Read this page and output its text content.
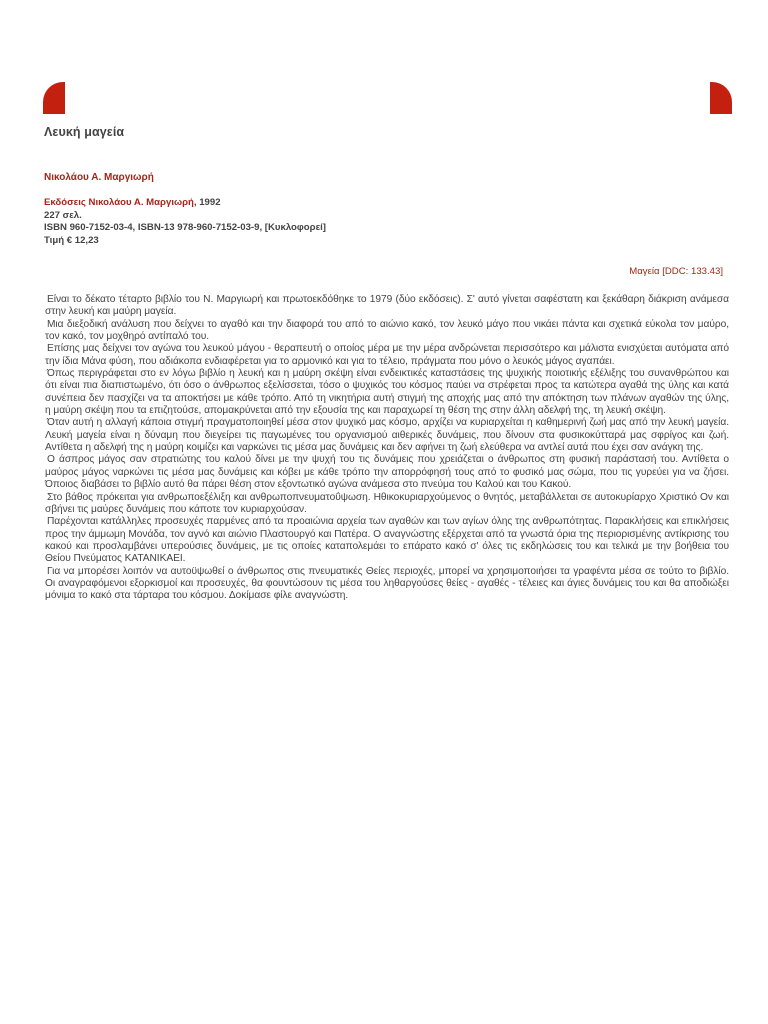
Λευκή μαγεία
Νικολάου Α. Μαργιωρή
Εκδόσεις Νικολάου Α. Μαργιωρή, 1992
227 σελ.
ISBN 960-7152-03-4, ISBN-13 978-960-7152-03-9, [Κυκλοφορεί]
Τιμή € 12,23
Μαγεία [DDC: 133.43]

Είναι το δέκατο τέταρτο βιβλίο του Ν. Μαργιωρή και πρωτοεκδόθηκε το 1979 (δύο εκδόσεις). Σ' αυτό γίνεται σαφέστατη και ξεκάθαρη διάκριση ανάμεσα στην λευκή και μαύρη μαγεία.

Μια διεξοδική ανάλυση που δείχνει το αγαθό και την διαφορά του από το αιώνιο κακό, τον λευκό μάγο που νικάει πάντα και σχετικά εύκολα τον μαύρο, τον κακό, τον μοχθηρό αντίπαλό του.

Επίσης μας δείχνει τον αγώνα του λευκού μάγου - θεραπευτή ο οποίος μέρα με την μέρα ανδρώνεται περισσότερο και μάλιστα ενισχύεται αυτόματα από την ίδια Μάνα φύση, που αδιάκοπα ενδιαφέρεται για το αρμονικό και για το τέλειο, πράγματα που μόνο ο λευκός μάγος αγαπάει.

Όπως περιγράφεται στο εν λόγω βιβλίο η λευκή και η μαύρη σκέψη είναι ενδεικτικές καταστάσεις της ψυχικής ποιοτικής εξέλιξης του συνανθρώπου και ότι είναι πια διαπιστωμένο, ότι όσο ο άνθρωπος εξελίσσεται, τόσο ο ψυχικός του κόσμος παύει να στρέφεται προς τα κατώτερα αγαθά της ύλης και κατά συνέπεια δεν πασχίζει να τα αποκτήσει με κάθε τρόπο. Από τη νικητήρια αυτή στιγμή της αποχής μας από την απόκτηση των πλάνων αγαθών της ύλης, η μαύρη σκέψη που τα επιζητούσε, απομακρύνεται από την εξουσία της και παραχωρεί τη θέση της στην άλλη αδελφή της, τη λευκή σκέψη.

Όταν αυτή η αλλαγή κάποια στιγμή πραγματοποιηθεί μέσα στον ψυχικό μας κόσμο, αρχίζει να κυριαρχείται η καθημερινή ζωή μας από την λευκή μαγεία. Λευκή μαγεία είναι η δύναμη που διεγείρει τις παγωμένες του οργανισμού αιθερικές δυνάμεις, που δίνουν στα φυσικοκύτταρά μας σφρίγος και ζωή. Αντίθετα η αδελφή της η μαύρη κοιμίζει και ναρκώνει τις μέσα μας δυνάμεις και δεν αφήνει τη ζωή ελεύθερα να αντλεί αυτά που έχει σαν ανάγκη της.

Ο άσπρος μάγος σαν στρατιώτης του καλού δίνει με την ψυχή του τις δυνάμεις που χρειάζεται ο άνθρωπος στη φυσική παράστασή του. Αντίθετα ο μαύρος μάγος ναρκώνει τις μέσα μας δυνάμεις και κόβει με κάθε τρόπο την απορρόφησή τους από το φυσικό μας σώμα, που τις γυρεύει για να ζήσει. Όποιος διαβάσει το βιβλίο αυτό θα πάρει θέση στον εξοντωτικό αγώνα ανάμεσα στο πνεύμα του Καλού και του Κακού.

Στο βάθος πρόκειται για ανθρωποεξέλιξη και ανθρωποπνευματοΰψωση. Ηθικοκυριαρχούμενος ο θνητός, μεταβάλλεται σε αυτοκυρίαρχο Χριστικό Ον και σβήνει τις μαύρες δυνάμεις που κάποτε τον κυριαρχούσαν.

Παρέχονται κατάλληλες προσευχές παρμένες από τα προαιώνια αρχεία των αγαθών και των αγίων όλης της ανθρωπότητας. Παρακλήσεις και επικλήσεις προς την άμμωμη Μονάδα, τον αγνό και αιώνιο Πλαστουργό και Πατέρα. Ο αναγνώστης εξέρχεται από τα γνωστά όρια της περιορισμένης αντίκρισης του κακού και προσλαμβάνει υπερούσιες δυνάμεις, με τις οποίες καταπολεμάει το επάρατο κακό σ' όλες τις εκδηλώσεις του και τελικά με την βοήθεια του Θείου Πνεύματος ΚΑΤΑΝΙΚΑΕΙ.

Για να μπορέσει λοιπόν να αυτοϋψωθεί ο άνθρωπος στις πνευματικές Θείες περιοχές, μπορεί να χρησιμοποιήσει τα γραφέντα μέσα σε τούτο το βιβλίο. Οι αναγραφόμενοι εξορκισμοί και προσευχές, θα φουντώσουν τις μέσα του ληθαργούσες θείες - αγαθές - τέλειες και άγιες δυνάμεις του και θα αποδιώξει μόνιμα το κακό στα τάρταρα του κόσμου. Δοκίμασε φίλε αναγνώστη.
